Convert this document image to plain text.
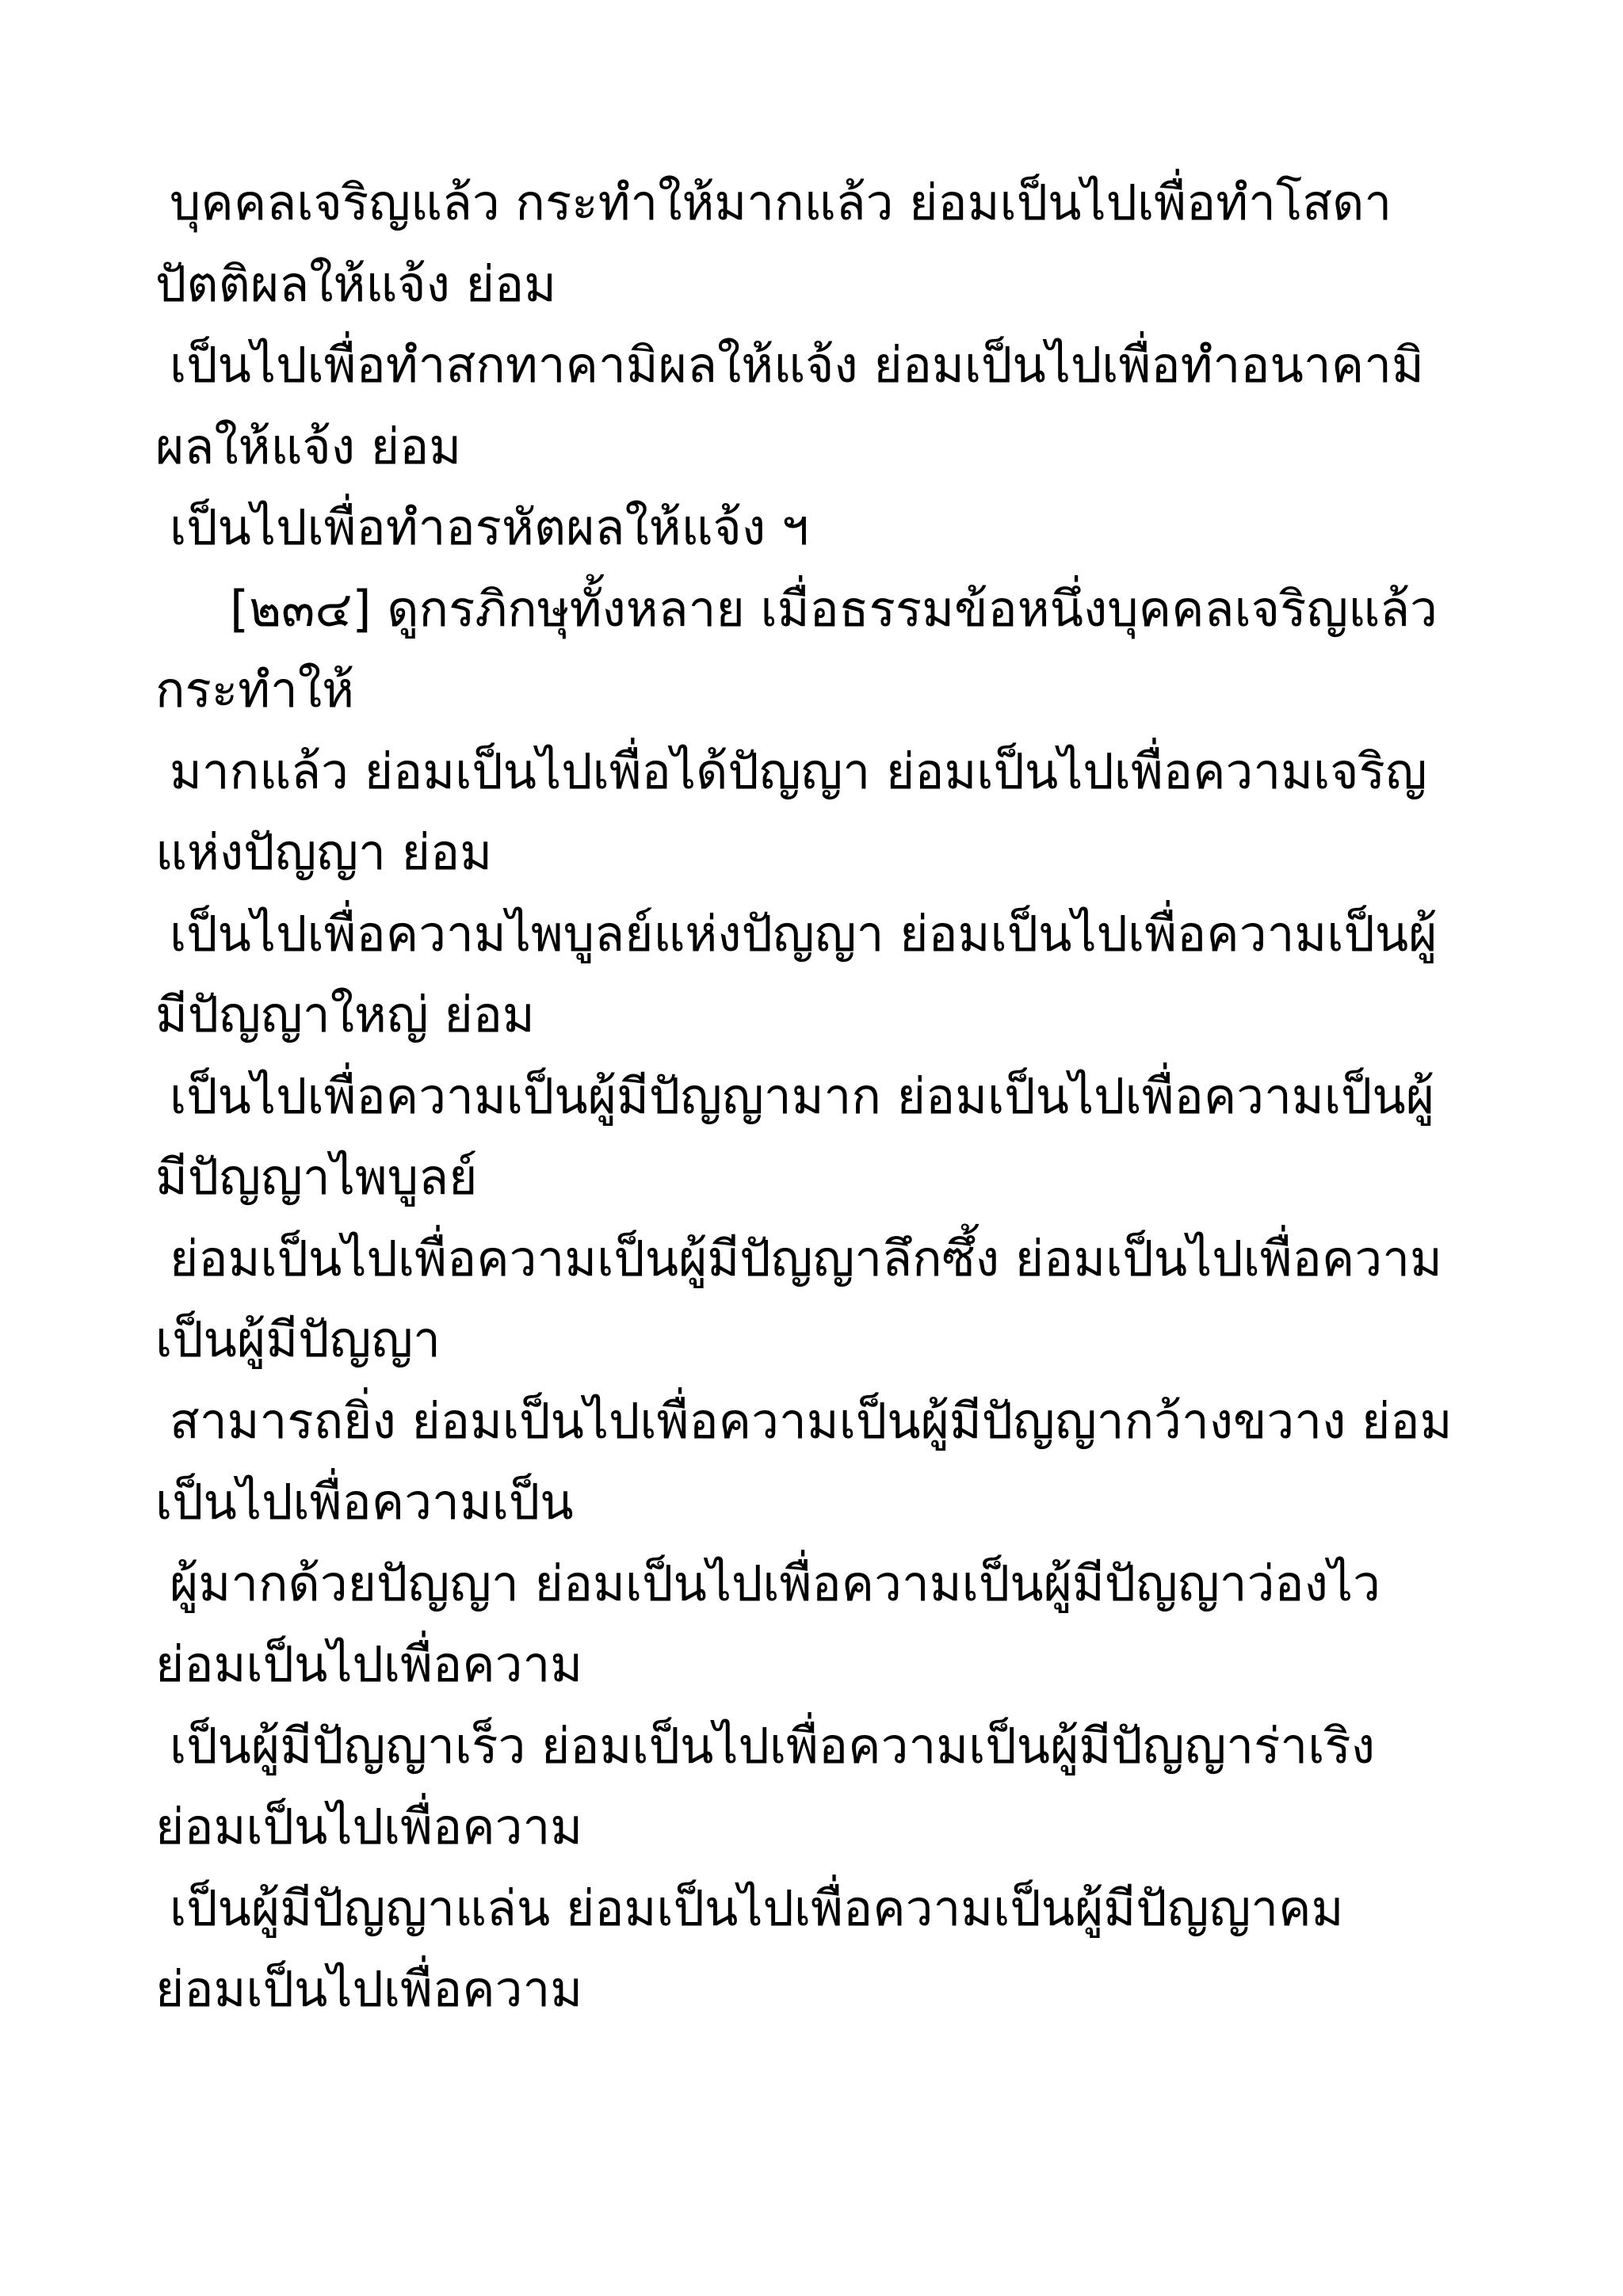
บุคคลเจริญแล้ว กระทำให้มากแล้ว ย่อมเป็นไปเพื่อทำโสดา
ปัตติผลให้แจ้ง ย่อม
เป็นไปเพื่อทำสกทาคามิผลให้แจ้ง ย่อมเป็นไปเพื่อทำอนาคามิ
ผลให้แจ้ง ย่อม
เป็นไปเพื่อทำอรหัตผลให้แจ้ง ฯ
[๒๓๔] ดูกรภิกษุทั้งหลาย เมื่อธรรมข้อหนึ่งบุคคลเจริญแล้ว
กระทำให้
มากแล้ว ย่อมเป็นไปเพื่อได้ปัญญา ย่อมเป็นไปเพื่อความเจริญ
แห่งปัญญา ย่อม
เป็นไปเพื่อความไพบูลย์แห่งปัญญา ย่อมเป็นไปเพื่อความเป็นผู้
มีปัญญาใหญ่ ย่อม
เป็นไปเพื่อความเป็นผู้มีปัญญามาก ย่อมเป็นไปเพื่อความเป็นผู้
มีปัญญาไพบูลย์
ย่อมเป็นไปเพื่อความเป็นผู้มีปัญญาลึกซึ้ง ย่อมเป็นไปเพื่อความ
เป็นผู้มีปัญญา
สามารถยิ่ง ย่อมเป็นไปเพื่อความเป็นผู้มีปัญญากว้างขวาง ย่อม
เป็นไปเพื่อความเป็น
ผู้มากด้วยปัญญา ย่อมเป็นไปเพื่อความเป็นผู้มีปัญญาว่องไว
ย่อมเป็นไปเพื่อความ
เป็นผู้มีปัญญาเร็ว ย่อมเป็นไปเพื่อความเป็นผู้มีปัญญาร่าเริง
ย่อมเป็นไปเพื่อความ
เป็นผู้มีปัญญาแล่น ย่อมเป็นไปเพื่อความเป็นผู้มีปัญญาคม
ย่อมเป็นไปเพื่อความ
